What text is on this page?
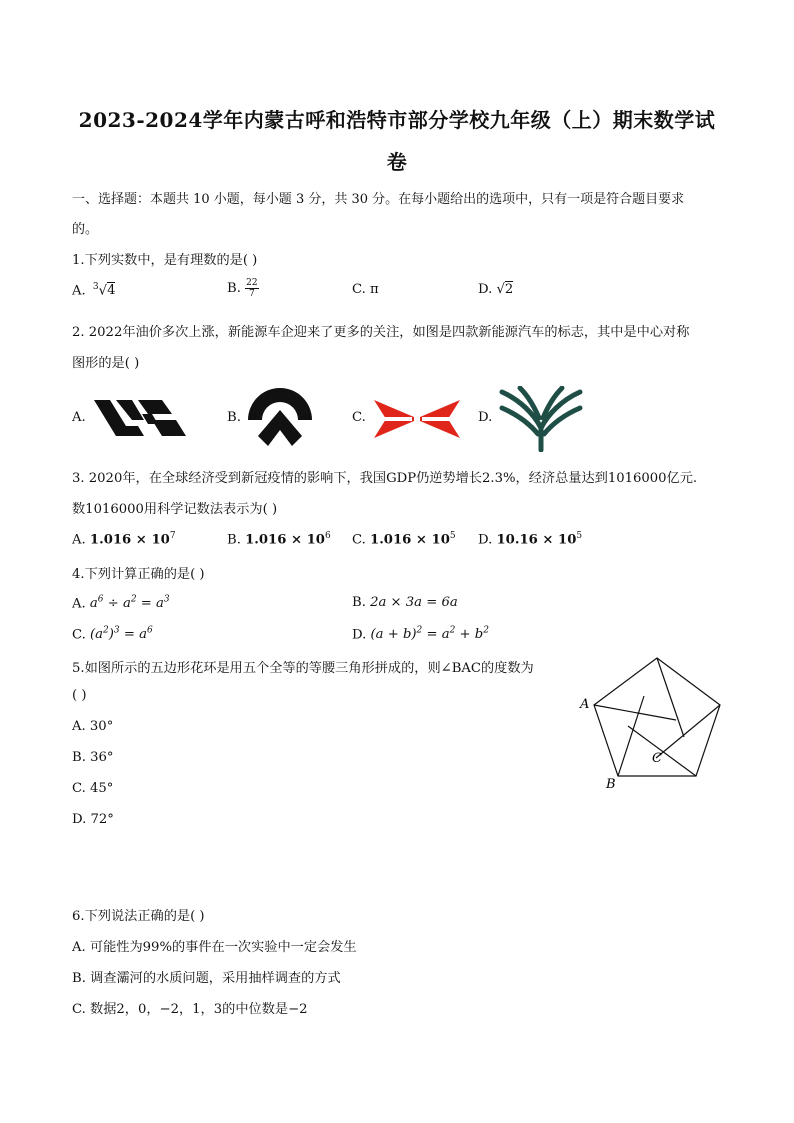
2023-2024学年内蒙古呼和浩特市部分学校九年级（上）期末数学试
卷
一、选择题：本题共 10 小题，每小题 3 分，共 30 分。在每小题给出的选项中，只有一项是符合题目要求
的。
1.下列实数中，是有理数的是( )
A. $^3$√4	B. $\frac{22}{7}$	C. π	D. √2
2. 2022年油价多次上涨，新能源车企迎来了更多的关注，如图是四款新能源汽车的标志，其中是中心对称
图形的是( )
A.	B.	C.	D.
3. 2020年，在全球经济受到新冠疫情的影响下，我国GDP仍逆势增长2.3%，经济总量达到1016000亿元.
数1016000用科学记数法表示为( )
A. $1.016 \times 10^7$	B. $1.016 \times 10^6$ C. $1.016 \times 10^5$ D. $10.16 \times 10^5$
4.下列计算正确的是( )
A. $a^6 \div a^2 = a^3$	B. 2a × 3a = 6a
C. $(a^2)^3 = a^6$	D. $(a + b)^2 = a^2 + b^2$
5.如图所示的五边形花环是用五个全等的等腰三角形拼成的，则∠BAC的度数为
( )
A. 30°
B. 36°
C. 45°
D. 72°
A
C
B
6.下列说法正确的是( )
A. 可能性为99%的事件在一次实验中一定会发生
B. 调查灞河的水质问题，采用抽样调查的方式
C. 数据2，0，−2，1，3的中位数是−2
